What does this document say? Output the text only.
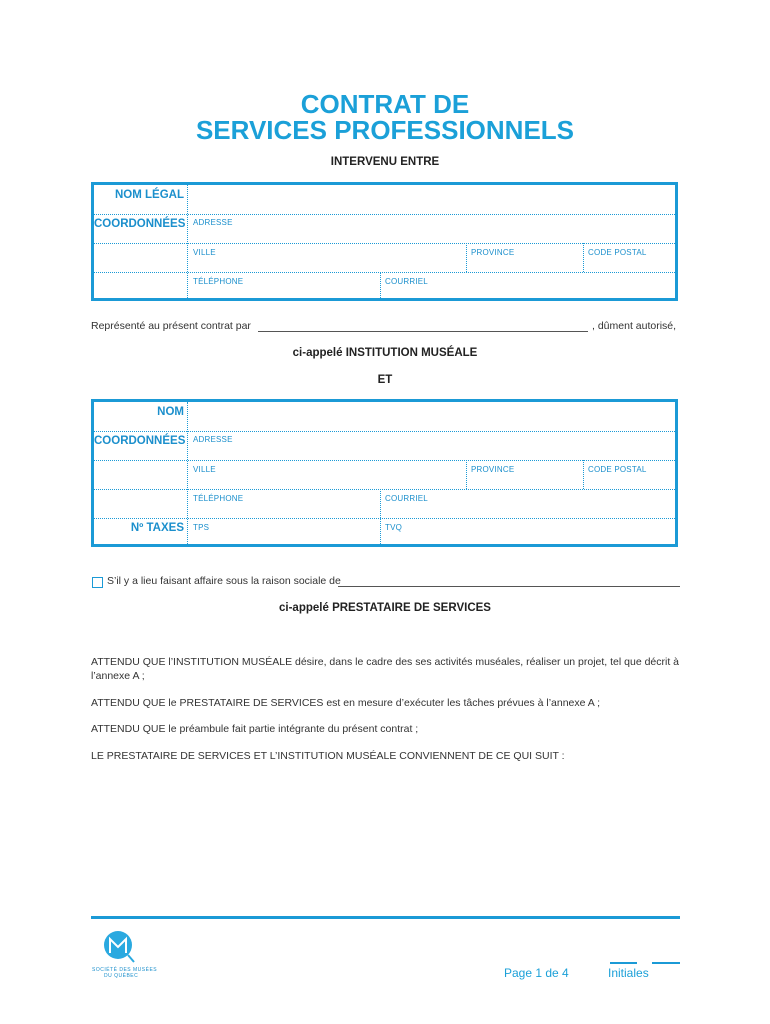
CONTRAT DE
SERVICES PROFESSIONNELS
INTERVENU ENTRE
NOM LÉGAL
COORDONNÉES ADRESSE
VILLE	PROVINCE	CODE POSTAL
TÉLÉPHONE	COURRIEL
Représenté au présent contrat par	, dûment autorisé,
ci-appelé INSTITUTION MUSÉALE
ET
NOM
COORDONNÉES ADRESSE
VILLE	PROVINCE	CODE POSTAL
TÉLÉPHONE	COURRIEL
Nº TAXES TPS	TVQ
S’il y a lieu faisant affaire sous la raison sociale de
ci-appelé PRESTATAIRE DE SERVICES
ATTENDU QUE l’INSTITUTION MUSÉALE désire, dans le cadre des ses activités muséales, réaliser un projet, tel que décrit à l’annexe A ;
ATTENDU QUE le PRESTATAIRE DE SERVICES est en mesure d’exécuter les tâches prévues à l’annexe A ;
ATTENDU QUE le préambule fait partie intégrante du présent contrat ;
LE PRESTATAIRE DE SERVICES ET L’INSTITUTION MUSÉALE CONVIENNENT DE CE QUI SUIT :
SOCIÉTÉ DES MUSÉES
DU QUÉBEC	Page 1 de 4	Initiales
